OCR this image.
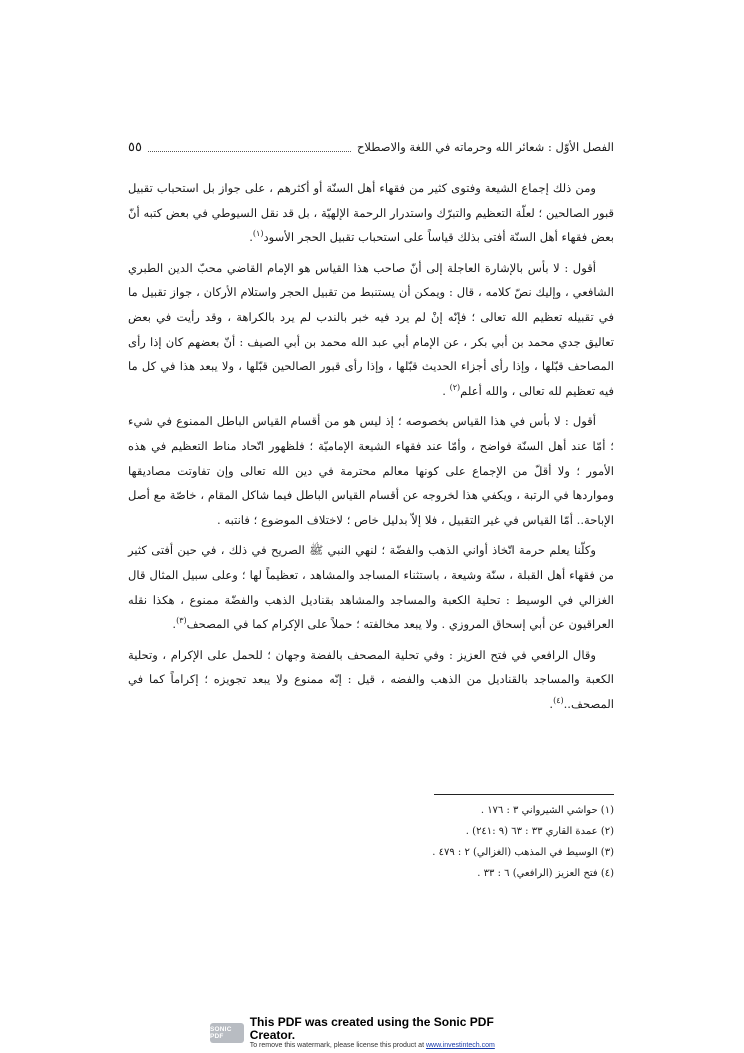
الفصل الأوّل : شعائر الله وحرماته في اللغة والاصطلاح
٥٥

ومن ذلك إجماع الشيعة وفتوى كثير من فقهاء أهل السنّة أو أكثرهم ، على جواز بل استحباب تقبيل قبور الصالحين ؛ لعلّة التعظيم والتبرّك واستدرار الرحمة الإلهيّة ، بل قد نقل السيوطي في بعض كتبه أنّ بعض فقهاء أهل السنّة أفتى بذلك قياساً على استحباب تقبيل الحجر الأسود$^{(١)}$.

أقول : لا بأس بالإشارة العاجلة إلى أنّ صاحب هذا القياس هو الإمام القاضي محبّ الدين الطبري الشافعي ، وإليك نصّ كلامه ، قال : ويمكن أن يستنبط من تقبيل الحجر واستلام الأركان ، جواز تقبيل ما في تقبيله تعظيم الله تعالى ؛ فإنّه إنْ لم يرد فيه خبر بالندب لم يرد بالكراهة ، وقد رأيت في بعض تعاليق جدي محمد بن أبي بكر ، عن الإمام أبي عبد الله محمد بن أبي الصيف : أنّ بعضهم كان إذا رأى المصاحف قبّلها ، وإذا رأى أجزاء الحديث قبّلها ، وإذا رأى قبور الصالحين قبّلها ، ولا يبعد هذا في كل ما فيه تعظيم لله تعالى ، والله أعلم$^{(٢)}$ .

أقول : لا بأس في هذا القياس بخصوصه ؛ إذ ليس هو من أقسام القياس الباطل الممنوع في شيء ؛ أمّا عند أهل السنّة فواضح ، وأمّا عند فقهاء الشيعة الإماميّة ؛ فلظهور اتّحاد مناط التعظيم في هذه الأمور ؛ ولا أقلّ من الإجماع على كونها معالم محترمة في دين الله تعالى وإن تفاوتت مصاديقها ومواردها في الرتبة ، ويكفي هذا لخروجه عن أقسام القياس الباطل فيما شاكل المقام ، خاصّة مع أصل الإباحة.. أمّا القياس في غير التقبيل ، فلا إلاّ بدليل خاص ؛ لاختلاف الموضوع ؛ فانتبه .

وكلّنا يعلم حرمة اتّخاذ أواني الذهب والفضّة ؛ لنهي النبي ﷺ الصريح في ذلك ، في حين أفتى كثير من فقهاء أهل القبلة ، سنّة وشيعة ، باستثناء المساجد والمشاهد ، تعظيماً لها ؛ وعلى سبيل المثال قال الغزالي في الوسيط : تحلية الكعبة والمساجد والمشاهد بقناديل الذهب والفضّة ممنوع ، هكذا نقله العراقيون عن أبي إسحاق المروزي . ولا يبعد مخالفته ؛ حملاً على الإكرام كما في المصحف$^{(٣)}$.

وقال الرافعي في فتح العزيز : وفي تحلية المصحف بالفضة وجهان ؛ للحمل على الإكرام ، وتحلية الكعبة والمساجد بالقناديل من الذهب والفضه ، قيل : إنّه ممنوع ولا يبعد تجويزه ؛ إكراماً كما في المصحف..$^{(٤)}$.

(١) حواشي الشيرواني ٣ : ١٧٦ .
(٢) عمدة القاري ٣٣ : ٦٣ (٩ :٢٤١) .
(٣) الوسيط في المذهب (الغزالي) ٢ : ٤٧٩ .
(٤) فتح العزيز (الرافعي) ٦ : ٣٣ .
SONIC PDF
This PDF was created using the Sonic PDF Creator.
To remove this watermark, please license this product at www.investintech.com
